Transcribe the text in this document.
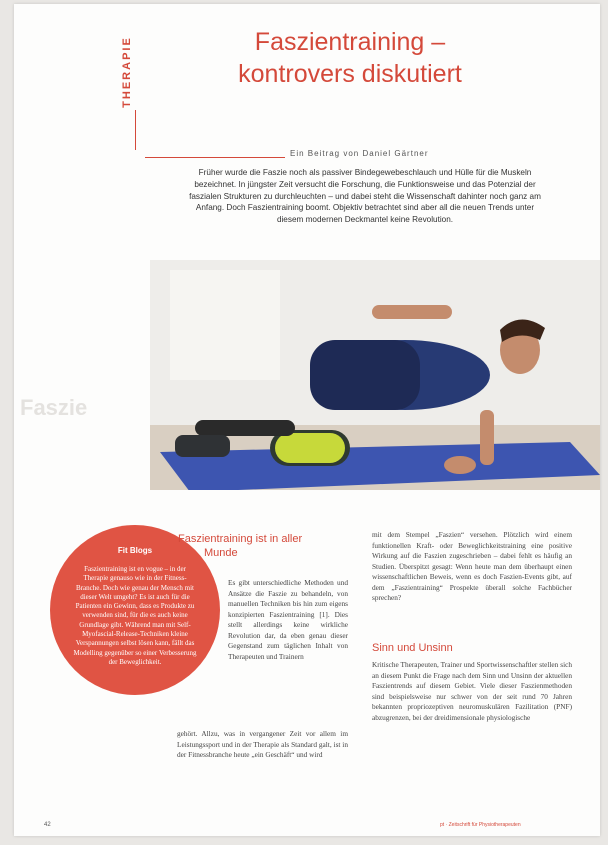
Faszie
THERAPIE	Faszientraining –
kontrovers diskutiert
Ein Beitrag von Daniel Gärtner
Früher wurde die Faszie noch als passiver Bindegewebeschlauch und Hülle für die Muskeln bezeichnet. In jüngster Zeit versucht die Forschung, die Funktionsweise und das Potenzial der faszialen Strukturen zu durchleuchten – und dabei steht die Wissenschaft dahinter noch ganz am Anfang. Doch Faszientraining boomt. Objektiv betrachtet sind aber all die neuen Trends unter diesem modernen Deckmantel keine Revolution.
Fit Blogs
Faszientraining ist en vogue – in der Therapie genauso wie in der Fitness-Branche. Doch wie genau der Mensch mit dieser Welt umgeht? Es ist auch für die Patienten ein Gewinn, dass es Produkte zu verwenden sind, für die es auch keine Grundlage gibt. Während man mit Self-Myofascial-Release-Techniken kleine Verspannungen selbst lösen kann, fällt das Modelling gegenüber so einer Verbesserung der Beweglichkeit.
Faszientraining ist in aller
Munde
Es gibt unterschiedliche Methoden und Ansätze die Faszie zu behandeln, von manuellen Techniken bis hin zum eigens konzipierten Faszientraining [1]. Dies stellt allerdings keine wirkliche Revolution dar, da eben genau dieser Gegenstand zum täglichen Inhalt von Therapeuten und Trainern
gehört. Allzu, was in vergangener Zeit vor allem im Leistungssport und in der Therapie als Standard galt, ist in der Fitnessbranche heute „ein Geschäft“ und wird
mit dem Stempel „Faszien“ versehen. Plötzlich wird einem funktionellen Kraft- oder Beweglichkeitstraining eine positive Wirkung auf die Faszien zugeschrieben – dabei fehlt es häufig an Studien. Überspitzt gesagt: Wenn heute man dem überhaupt einen wissenschaftlichen Beweis, wenn es doch Faszien-Events gibt, auf dem „Faszientraining“ Prospekte überall solche Fachbücher sprechen?
Sinn und Unsinn
Kritische Therapeuten, Trainer und Sportwissenschaftler stellen sich an diesem Punkt die Frage nach dem Sinn und Unsinn der aktuellen Faszientrends auf diesem Gebiet. Viele dieser Faszienmethoden sind beispielsweise nur schwer von der seit rund 70 Jahren bekannten propriozeptiven neuromuskulären Fazilitation (PNF) abzugrenzen, bei der dreidimensionale physiologische
42	pt · Zeitschrift für Physiotherapeuten
